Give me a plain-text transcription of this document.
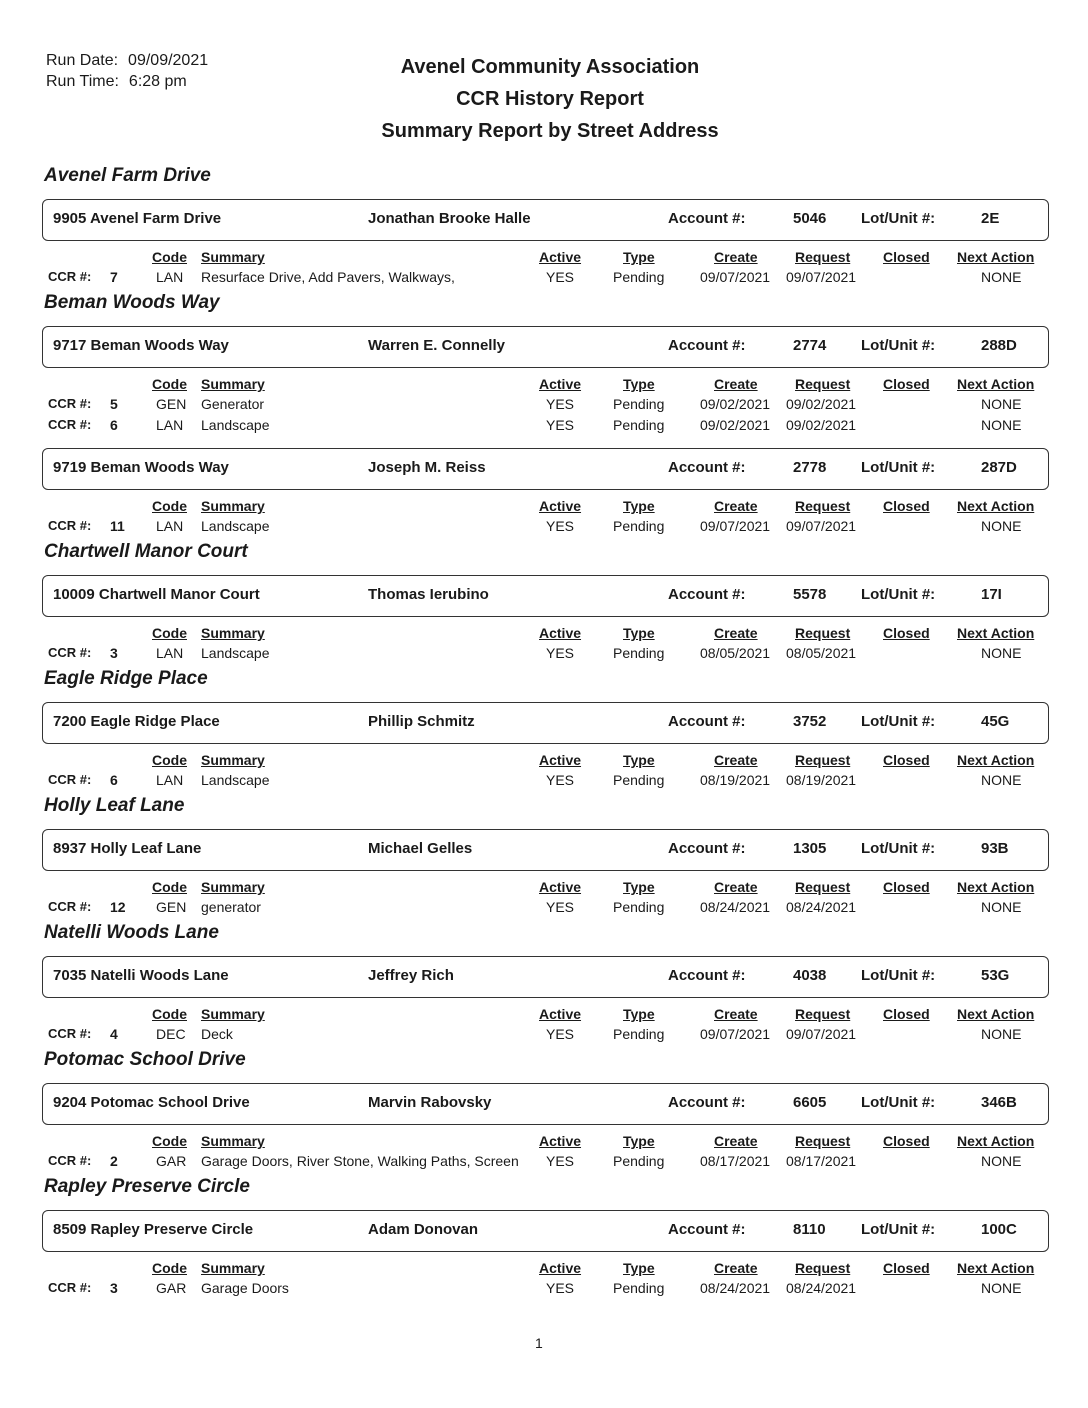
Run Date: 09/09/2021
Run Time: 6:28 pm
Avenel Community Association
CCR History Report
Summary Report by Street Address
Avenel Farm Drive
9905 Avenel Farm Drive	Jonathan Brooke Halle	Account #:	5046 Lot/Unit #:	2E
Code Summary	Active	Type	Create	Request Closed Next Action
CCR #: 7	LAN Resurface Drive, Add Pavers, Walkways,	YES	Pending	09/07/2021 09/07/2021	NONE
Beman Woods Way
9717 Beman Woods Way	Warren E. Connelly	Account #:	2774 Lot/Unit #:	288D
Code Summary	Active	Type	Create	Request Closed Next Action
CCR #: 5	GEN Generator	YES	Pending	09/02/2021 09/02/2021	NONE
CCR #: 6	LAN Landscape	YES	Pending	09/02/2021 09/02/2021	NONE
9719 Beman Woods Way	Joseph M. Reiss	Account #:	2778 Lot/Unit #:	287D
Code Summary	Active	Type	Create	Request Closed Next Action
CCR #: 11 LAN Landscape	YES	Pending	09/07/2021 09/07/2021	NONE
Chartwell Manor Court
10009 Chartwell Manor Court	Thomas Ierubino	Account #:	5578 Lot/Unit #:	17I
Code Summary	Active	Type	Create	Request Closed Next Action
CCR #: 3	LAN Landscape	YES	Pending	08/05/2021 08/05/2021	NONE
Eagle Ridge Place
7200 Eagle Ridge Place	Phillip Schmitz	Account #:	3752 Lot/Unit #:	45G
Code Summary	Active	Type	Create	Request Closed Next Action
CCR #: 6	LAN Landscape	YES	Pending	08/19/2021 08/19/2021	NONE
Holly Leaf Lane
8937 Holly Leaf Lane	Michael Gelles	Account #:	1305 Lot/Unit #:	93B
Code Summary	Active	Type	Create	Request Closed Next Action
CCR #: 12 GEN generator	YES	Pending	08/24/2021 08/24/2021	NONE
Natelli Woods Lane
7035 Natelli Woods Lane	Jeffrey Rich	Account #:	4038 Lot/Unit #:	53G
Code Summary	Active	Type	Create	Request Closed Next Action
CCR #: 4	DEC Deck	YES	Pending	09/07/2021 09/07/2021	NONE
Potomac School Drive
9204 Potomac School Drive	Marvin Rabovsky	Account #:	6605 Lot/Unit #:	346B
Code Summary	Active	Type	Create	Request Closed Next Action
CCR #: 2	GAR Garage Doors, River Stone, Walking Paths, Screen YES	Pending	08/17/2021 08/17/2021	NONE
Rapley Preserve Circle
8509 Rapley Preserve Circle	Adam Donovan	Account #:	8110 Lot/Unit #:	100C
Code Summary	Active	Type	Create	Request Closed Next Action
CCR #: 3	GAR Garage Doors	YES	Pending	08/24/2021 08/24/2021	NONE
1
